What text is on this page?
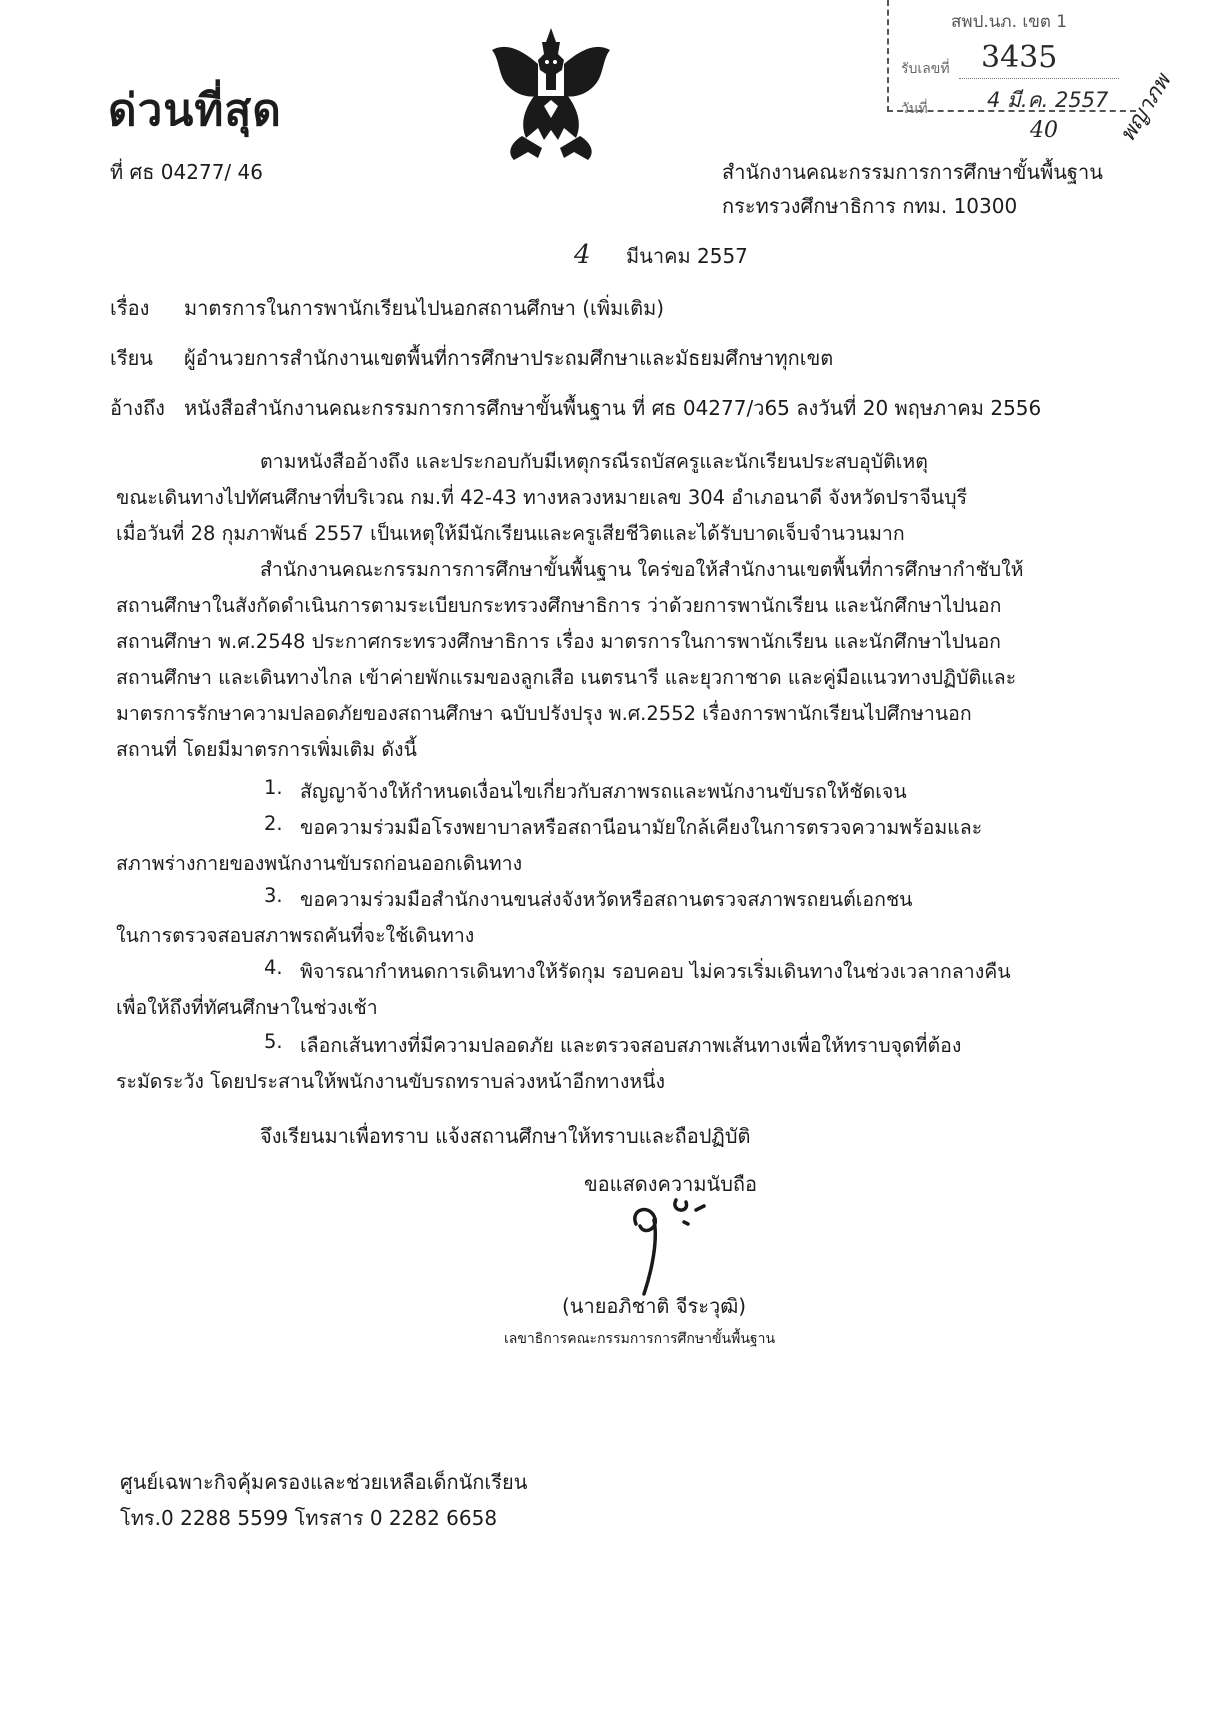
ด่วนที่สุด
ที่ ศธ 04277/ 46
สพป.นภ. เขต 1
รับเลขที่ 3435
วันที่	4 มี.ค. 2557
40	พญาภพ
สำนักงานคณะกรรมการการศึกษาขั้นพื้นฐาน
กระทรวงศึกษาธิการ กทม. 10300
4 มีนาคม 2557
เรื่อง มาตรการในการพานักเรียนไปนอกสถานศึกษา (เพิ่มเติม)
เรียน ผู้อำนวยการสำนักงานเขตพื้นที่การศึกษาประถมศึกษาและมัธยมศึกษาทุกเขต
อ้างถึง หนังสือสำนักงานคณะกรรมการการศึกษาขั้นพื้นฐาน ที่ ศธ 04277/ว65 ลงวันที่ 20 พฤษภาคม 2556
ตามหนังสืออ้างถึง และประกอบกับมีเหตุกรณีรถบัสครูและนักเรียนประสบอุบัติเหตุ
ขณะเดินทางไปทัศนศึกษาที่บริเวณ กม.ที่ 42-43 ทางหลวงหมายเลข 304 อำเภอนาดี จังหวัดปราจีนบุรี
เมื่อวันที่ 28 กุมภาพันธ์ 2557 เป็นเหตุให้มีนักเรียนและครูเสียชีวิตและได้รับบาดเจ็บจำนวนมาก
สำนักงานคณะกรรมการการศึกษาขั้นพื้นฐาน ใคร่ขอให้สำนักงานเขตพื้นที่การศึกษากำชับให้
สถานศึกษาในสังกัดดำเนินการตามระเบียบกระทรวงศึกษาธิการ ว่าด้วยการพานักเรียน และนักศึกษาไปนอก
สถานศึกษา พ.ศ.2548 ประกาศกระทรวงศึกษาธิการ เรื่อง มาตรการในการพานักเรียน และนักศึกษาไปนอก
สถานศึกษา และเดินทางไกล เข้าค่ายพักแรมของลูกเสือ เนตรนารี และยุวกาชาด และคู่มือแนวทางปฏิบัติและ
มาตรการรักษาความปลอดภัยของสถานศึกษา ฉบับปรังปรุง พ.ศ.2552 เรื่องการพานักเรียนไปศึกษานอก
สถานที่ โดยมีมาตรการเพิ่มเติม ดังนี้
1. สัญญาจ้างให้กำหนดเงื่อนไขเกี่ยวกับสภาพรถและพนักงานขับรถให้ชัดเจน
2. ขอความร่วมมือโรงพยาบาลหรือสถานีอนามัยใกล้เคียงในการตรวจความพร้อมและ
สภาพร่างกายของพนักงานขับรถก่อนออกเดินทาง
3. ขอความร่วมมือสำนักงานขนส่งจังหวัดหรือสถานตรวจสภาพรถยนต์เอกชน
ในการตรวจสอบสภาพรถคันที่จะใช้เดินทาง
4. พิจารณากำหนดการเดินทางให้รัดกุม รอบคอบ ไม่ควรเริ่มเดินทางในช่วงเวลากลางคืน
เพื่อให้ถึงที่ทัศนศึกษาในช่วงเช้า
5. เลือกเส้นทางที่มีความปลอดภัย และตรวจสอบสภาพเส้นทางเพื่อให้ทราบจุดที่ต้อง
ระมัดระวัง โดยประสานให้พนักงานขับรถทราบล่วงหน้าอีกทางหนึ่ง
จึงเรียนมาเพื่อทราบ แจ้งสถานศึกษาให้ทราบและถือปฏิบัติ
ขอแสดงความนับถือ
(นายอภิชาติ จีระวุฒิ)
เลขาธิการคณะกรรมการการศึกษาขั้นพื้นฐาน
ศูนย์เฉพาะกิจคุ้มครองและช่วยเหลือเด็กนักเรียน
โทร.0 2288 5599 โทรสาร 0 2282 6658
